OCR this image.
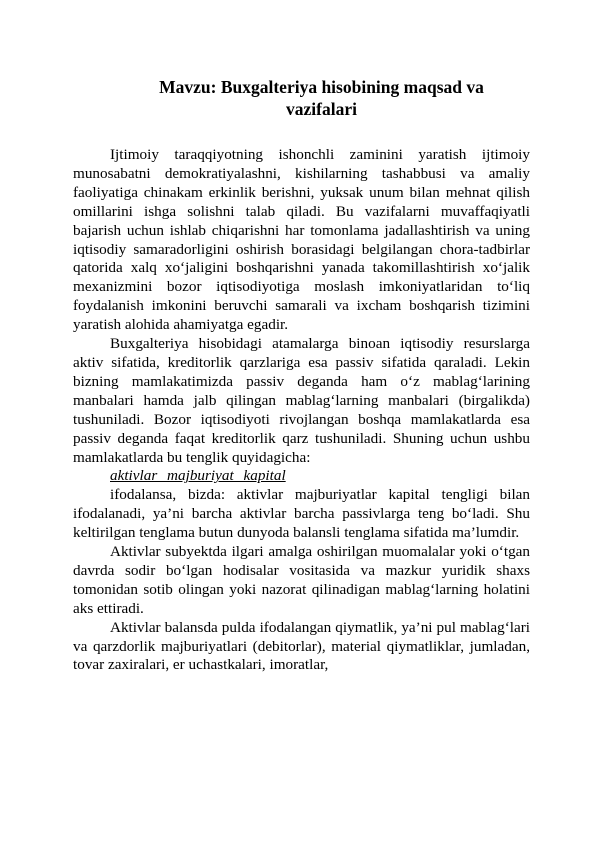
Mavzu: Buxgalteriya hisobining maqsad va
vazifalari

Ijtimoiy taraqqiyotning ishonchli zaminini yaratish ijtimoiy munosabatni demokratiyalashni, kishilarning tashabbusi va amaliy faoliyatiga chinakam erkinlik berishni, yuksak unum bilan mehnat qilish omillarini ishga solishni talab qiladi. Bu vazifalarni muvaffaqiyatli bajarish uchun ishlab chiqarishni har tomonlama jadallashtirish va uning iqtisodiy samaradorligini oshirish borasidagi belgilangan chora-tadbirlar qatorida xalq xo‘jaligini boshqarishni yanada takomillashtirish xo‘jalik mexanizmini bozor iqtisodiyotiga moslash imkoniyatlaridan to‘liq foydalanish imkonini beruvchi samarali va ixcham boshqarish tizimini yaratish alohida ahamiyatga egadir.

Buxgalteriya hisobidagi atamalarga binoan iqtisodiy resurslarga aktiv sifatida, kreditorlik qarzlariga esa passiv sifatida qaraladi. Lekin bizning mamlakatimizda passiv deganda ham o‘z mablag‘larining manbalari hamda jalb qilingan mablag‘larning manbalari (birgalikda) tushuniladi. Bozor iqtisodiyoti rivojlangan boshqa mamlakatlarda esa passiv deganda faqat kreditorlik qarz tushuniladi. Shuning uchun ushbu mamlakatlarda bu tenglik quyidagicha:

aktivlar majburiyat kapital

ifodalansa, bizda: aktivlar majburiyatlar kapital tengligi bilan ifodalanadi, ya’ni barcha aktivlar barcha passivlarga teng bo‘ladi. Shu keltirilgan tenglama butun dunyoda balansli tenglama sifatida ma’lumdir.

Aktivlar subyektda ilgari amalga oshirilgan muomalalar yoki o‘tgan davrda sodir bo‘lgan hodisalar vositasida va mazkur yuridik shaxs tomonidan sotib olingan yoki nazorat qilinadigan mablag‘larning holatini aks ettiradi.

Aktivlar balansda pulda ifodalangan qiymatlik, ya’ni pul mablag‘lari va qarzdorlik majburiyatlari (debitorlar), material qiymatliklar, jumladan, tovar zaxiralari, er uchastkalari, imoratlar,
